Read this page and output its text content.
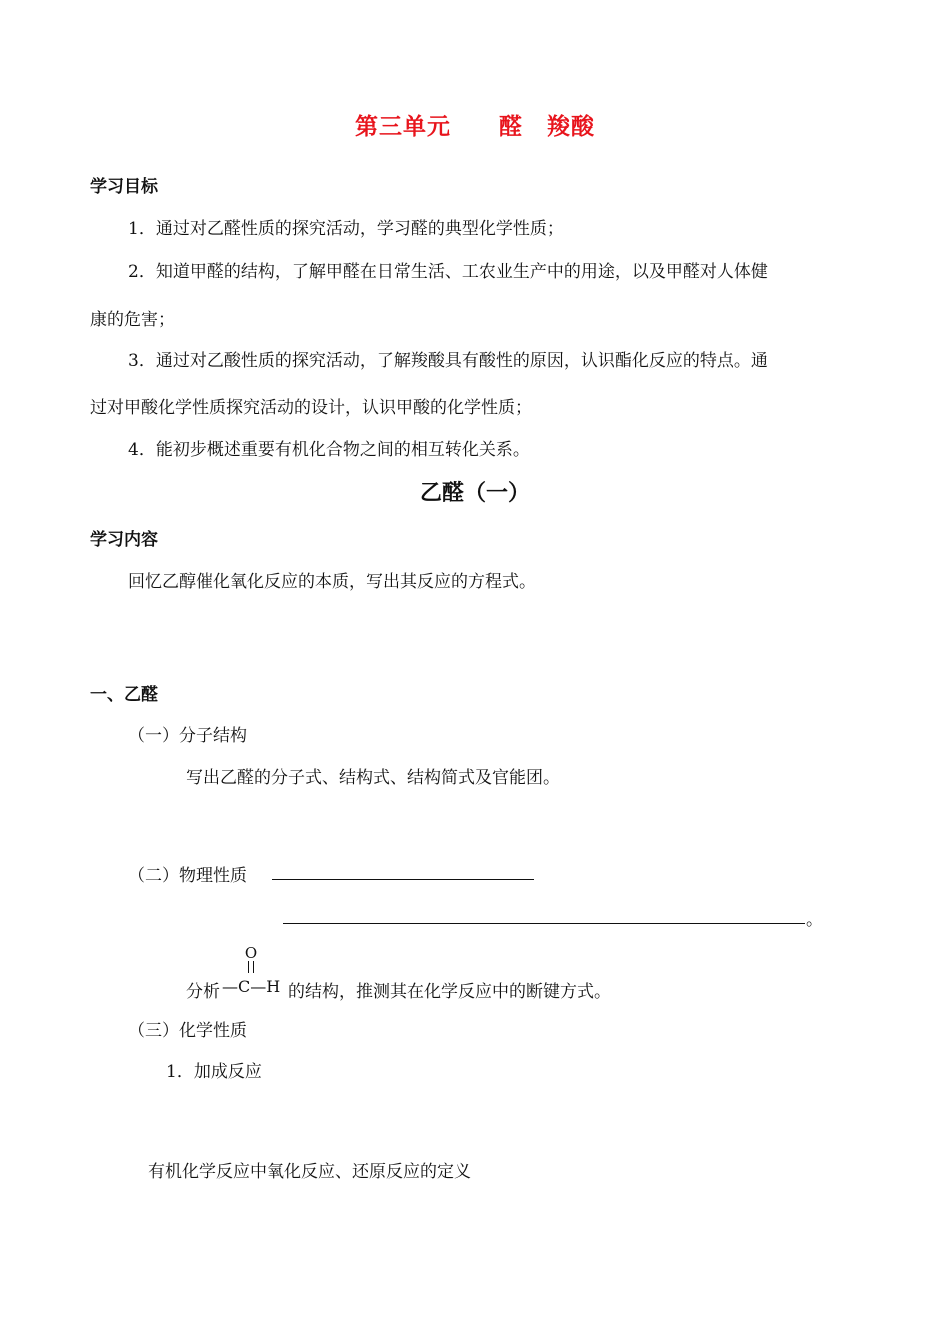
第三单元　　醛　羧酸
学习目标
1．通过对乙醛性质的探究活动，学习醛的典型化学性质；
2．知道甲醛的结构，了解甲醛在日常生活、工农业生产中的用途，以及甲醛对人体健
康的危害；
3．通过对乙酸性质的探究活动，了解羧酸具有酸性的原因，认识酯化反应的特点。通
过对甲酸化学性质探究活动的设计，认识甲酸的化学性质；
4．能初步概述重要有机化合物之间的相互转化关系。
乙醛（一）
学习内容
回忆乙醇催化氧化反应的本质，写出其反应的方程式。
一、乙醛
（一）分子结构
写出乙醛的分子式、结构式、结构简式及官能团。
（二）物理性质
。
分析
O
—C—H 的结构，推测其在化学反应中的断键方式。
（三）化学性质
1．加成反应
有机化学反应中氧化反应、还原反应的定义
